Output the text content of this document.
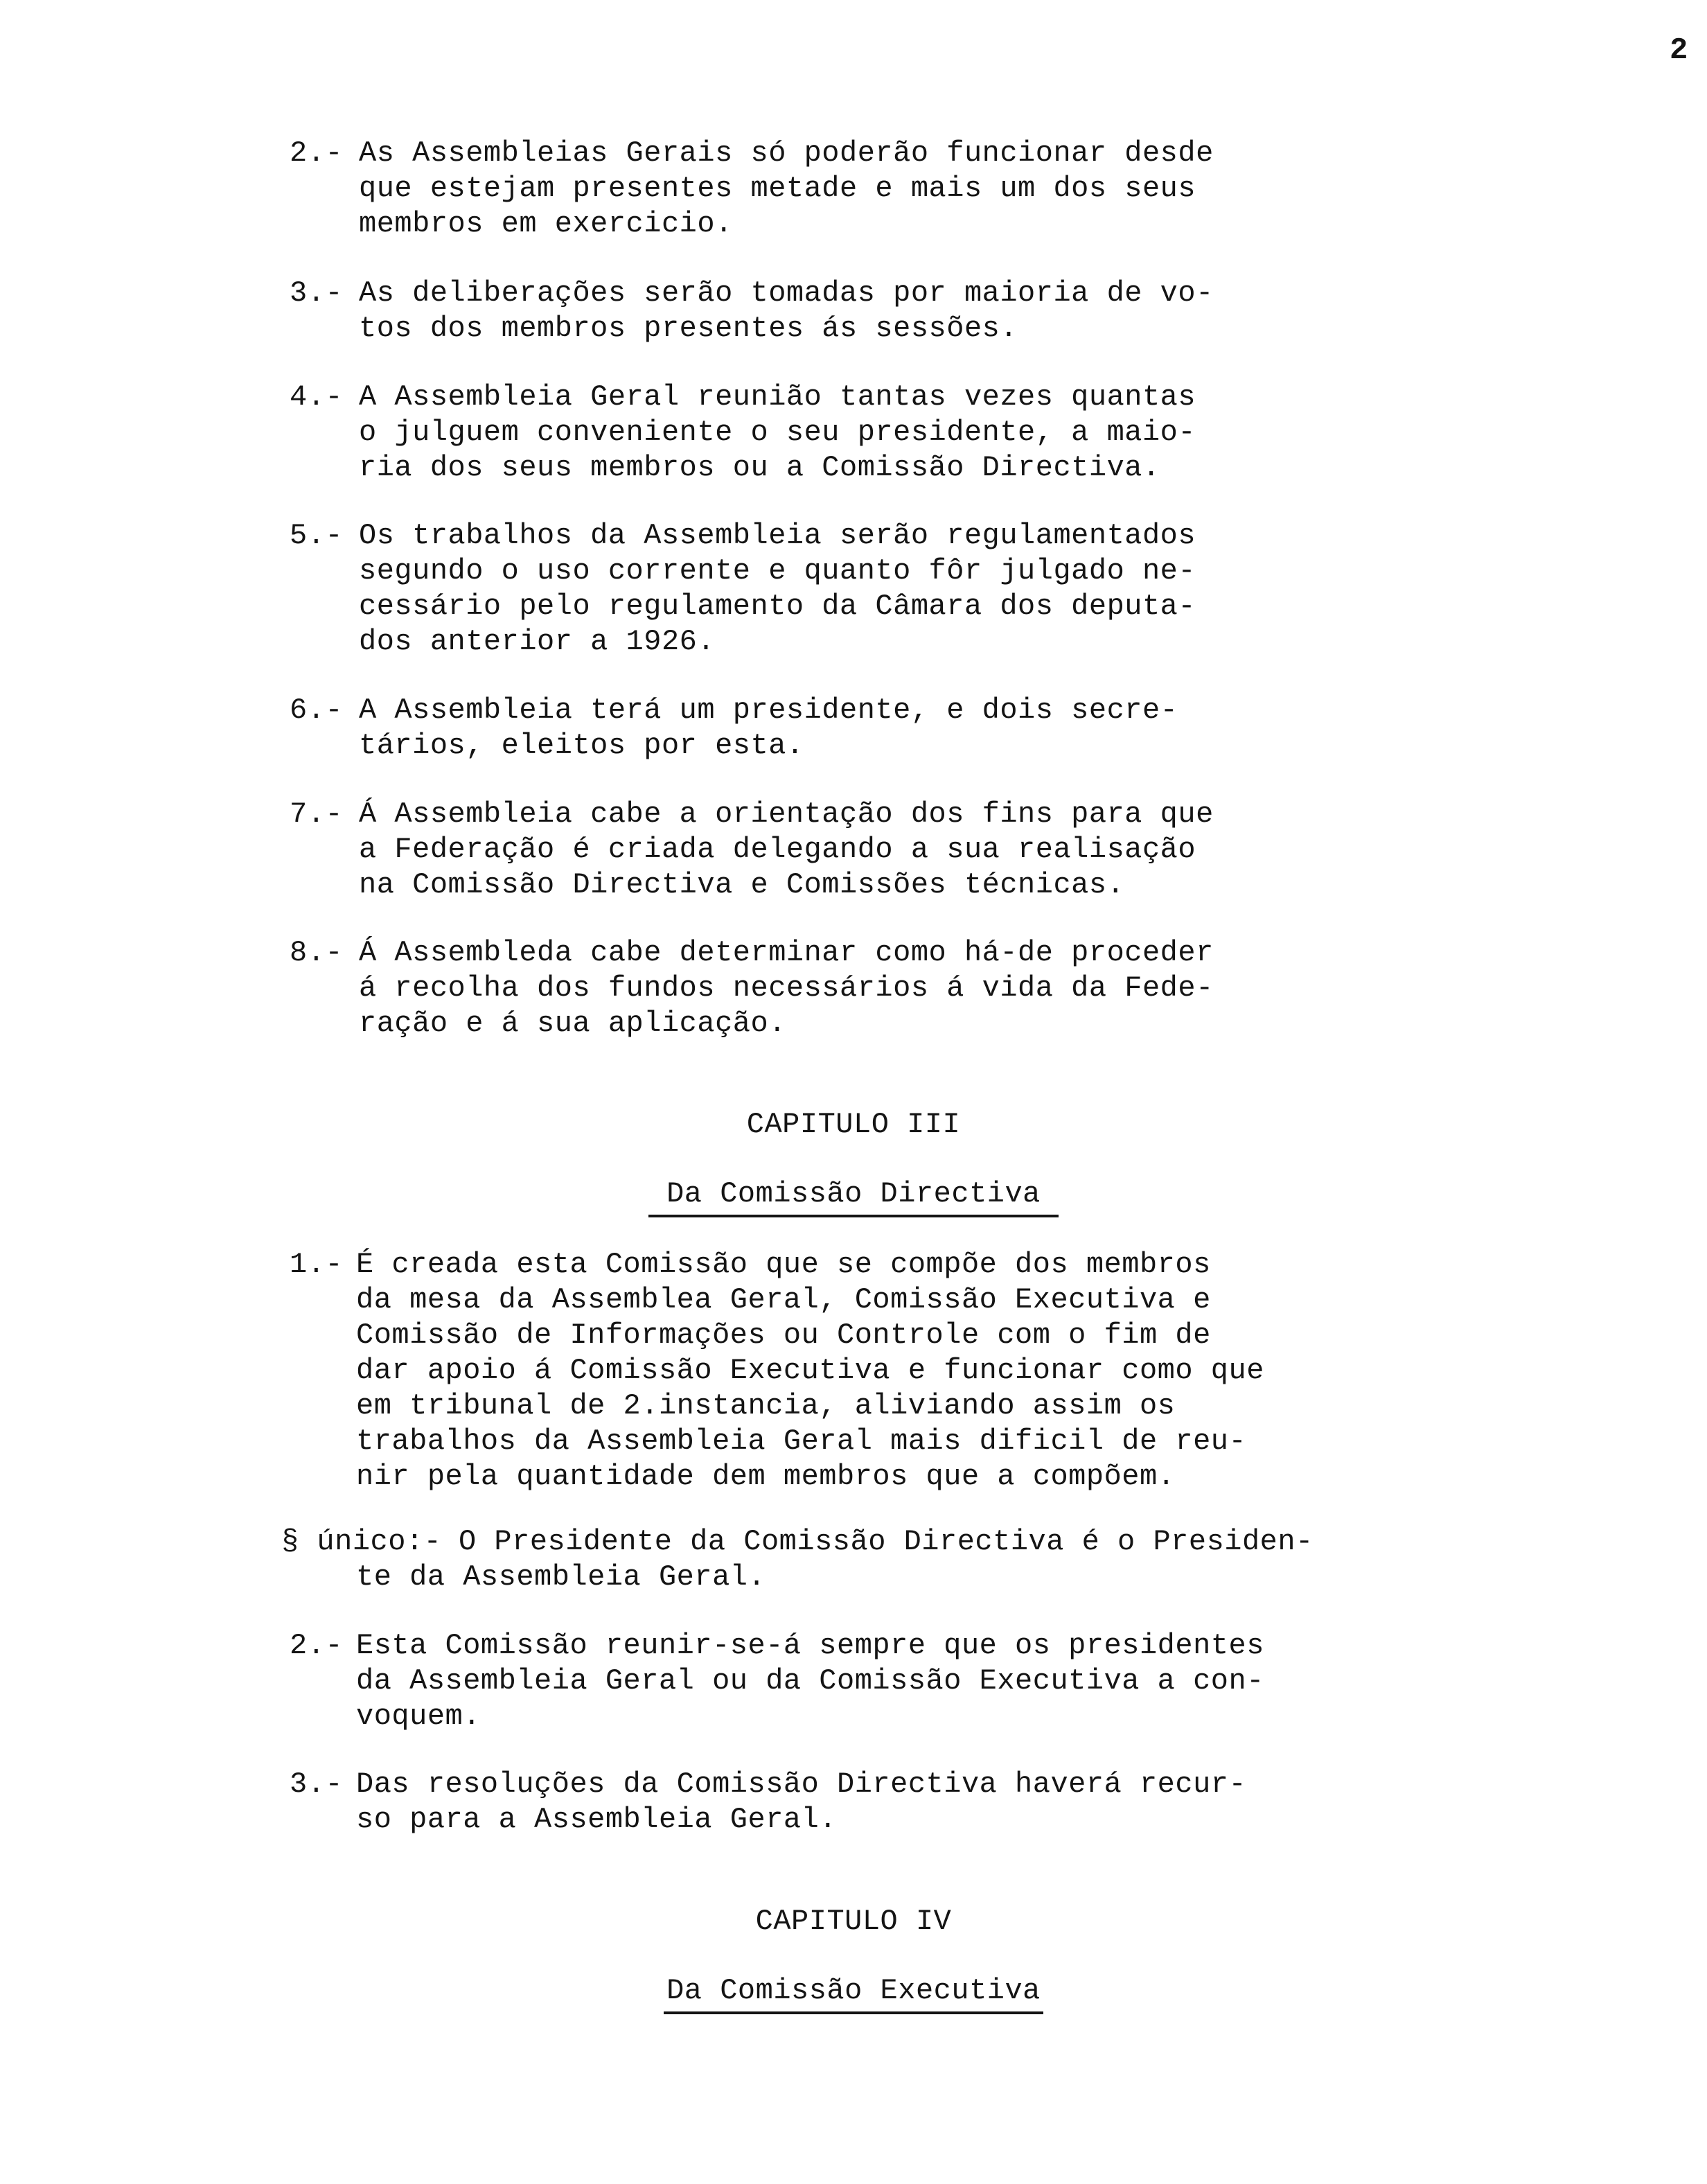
2
2.- As Assembleias Gerais só poderão funcionar desde
que estejam presentes metade e mais um dos seus
membros em exercicio.
3.- As deliberações serão tomadas por maioria de vo-
tos dos membros presentes ás sessões.
4.- A Assembleia Geral reunião tantas vezes quantas
o julguem conveniente o seu presidente, a maio-
ria dos seus membros ou a Comissão Directiva.
5.- Os trabalhos da Assembleia serão regulamentados
segundo o uso corrente e quanto fôr julgado ne-
cessário pelo regulamento da Câmara dos deputa-
dos anterior a 1926.
6.- A Assembleia terá um presidente, e dois secre-
tários, eleitos por esta.
7.- Á Assembleia cabe a orientação dos fins para que
a Federação é criada delegando a sua realisação
na Comissão Directiva e Comissões técnicas.
8.- Á Assembleda cabe determinar como há-de proceder
á recolha dos fundos necessários á vida da Fede-
ração e á sua aplicação.
CAPITULO III
Da Comissão Directiva
1.- É creada esta Comissão que se compõe dos membros
da mesa da Assemblea Geral, Comissão Executiva e
Comissão de Informações ou Controle com o fim de
dar apoio á Comissão Executiva e funcionar como que
em tribunal de 2.instancia, aliviando assim os
trabalhos da Assembleia Geral mais dificil de reu-
nir pela quantidade dem membros que a compõem.
§ único:- O Presidente da Comissão Directiva é o Presiden-
te da Assembleia Geral.
2.- Esta Comissão reunir-se-á sempre que os presidentes
da Assembleia Geral ou da Comissão Executiva a con-
voquem.
3.- Das resoluções da Comissão Directiva haverá recur-
so para a Assembleia Geral.
CAPITULO IV
Da Comissão Executiva
